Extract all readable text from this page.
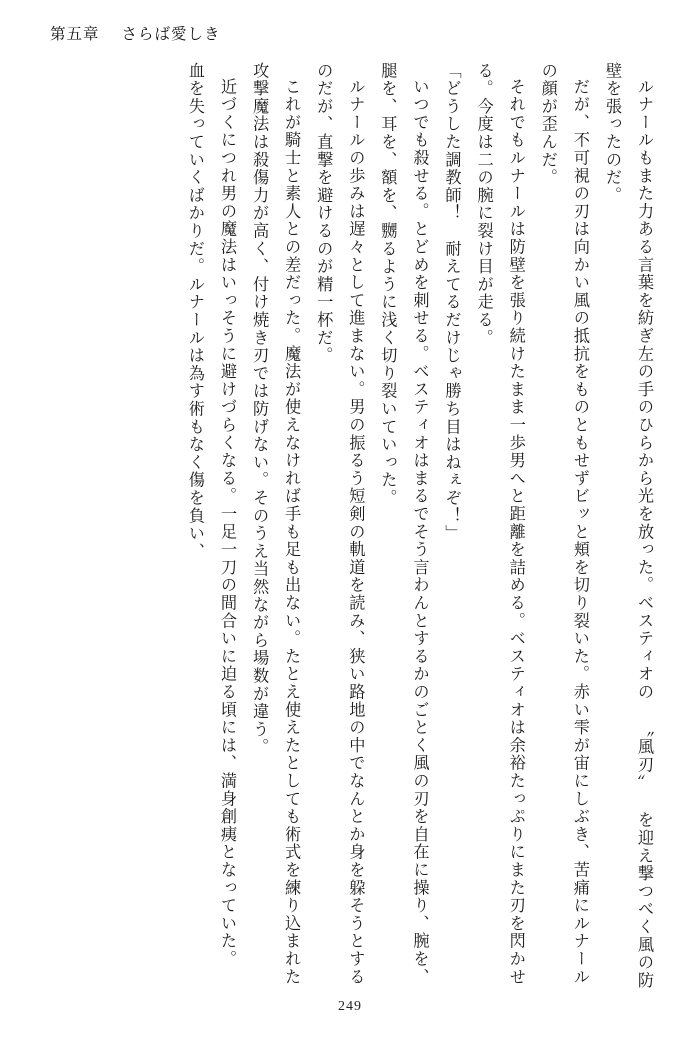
第五章 さらば愛しき

ルナールもまた力ある言葉を紡ぎ左の手のひらから光を放った。ベスティオの 〝風刃〟 を迎え撃つべく風の防壁を張ったのだ。

だが、不可視の刃は向かい風の抵抗をものともせずビッと頬を切り裂いた。赤い雫が宙にしぶき、苦痛にルナールの顔が歪んだ。

それでもルナールは防壁を張り続けたまま一歩男へと距離を詰める。ベスティオは余裕たっぷりにまた刃を閃かせる。今度は二の腕に裂け目が走る。

「どうした調教師！　耐えてるだけじゃ勝ち目はねぇぞ！」

いつでも殺せる。とどめを刺せる。ベスティオはまるでそう言わんとするかのごとく風の刃を自在に操り、腕を、腿を、耳を、額を、嬲るように浅く切り裂いていった。

ルナールの歩みは遅々として進まない。男の振るう短剣の軌道を読み、狭い路地の中でなんとか身を躱そうとするのだが、直撃を避けるのが精一杯だ。

これが騎士と素人との差だった。魔法が使えなければ手も足も出ない。たとえ使えたとしても術式を練り込まれた攻撃魔法は殺傷力が高く、付け焼き刃では防げない。そのうえ当然ながら場数が違う。

近づくにつれ男の魔法はいっそうに避けづらくなる。一足一刀の間合いに迫る頃には、満身創痍となっていた。

血を失っていくばかりだ。ルナールは為す術もなく傷を負い、

249
